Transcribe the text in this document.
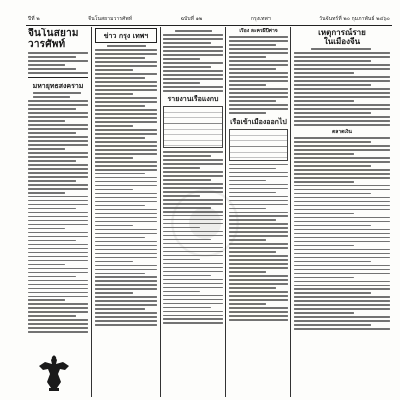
ปีที่ ๒	จีนโนสยามวารศัพท์	ฉบับที่ ๑๒	กรุงเทพฯ	วันจันทร์ที่ ๒๐ กุมภาพันธ์ ๒๔๖๐
จีนโนสยามวารศัพท์
มหายุทธสงคราม
ข่าว กรุง เทพฯ
รายงานเรือแงกบ
เรื่อง ละครผีปีศาจ
เรือเข้าเมืองออกไป
เหตุการณ์ราย
ในเมืองจีน
ตลาดเงิน
